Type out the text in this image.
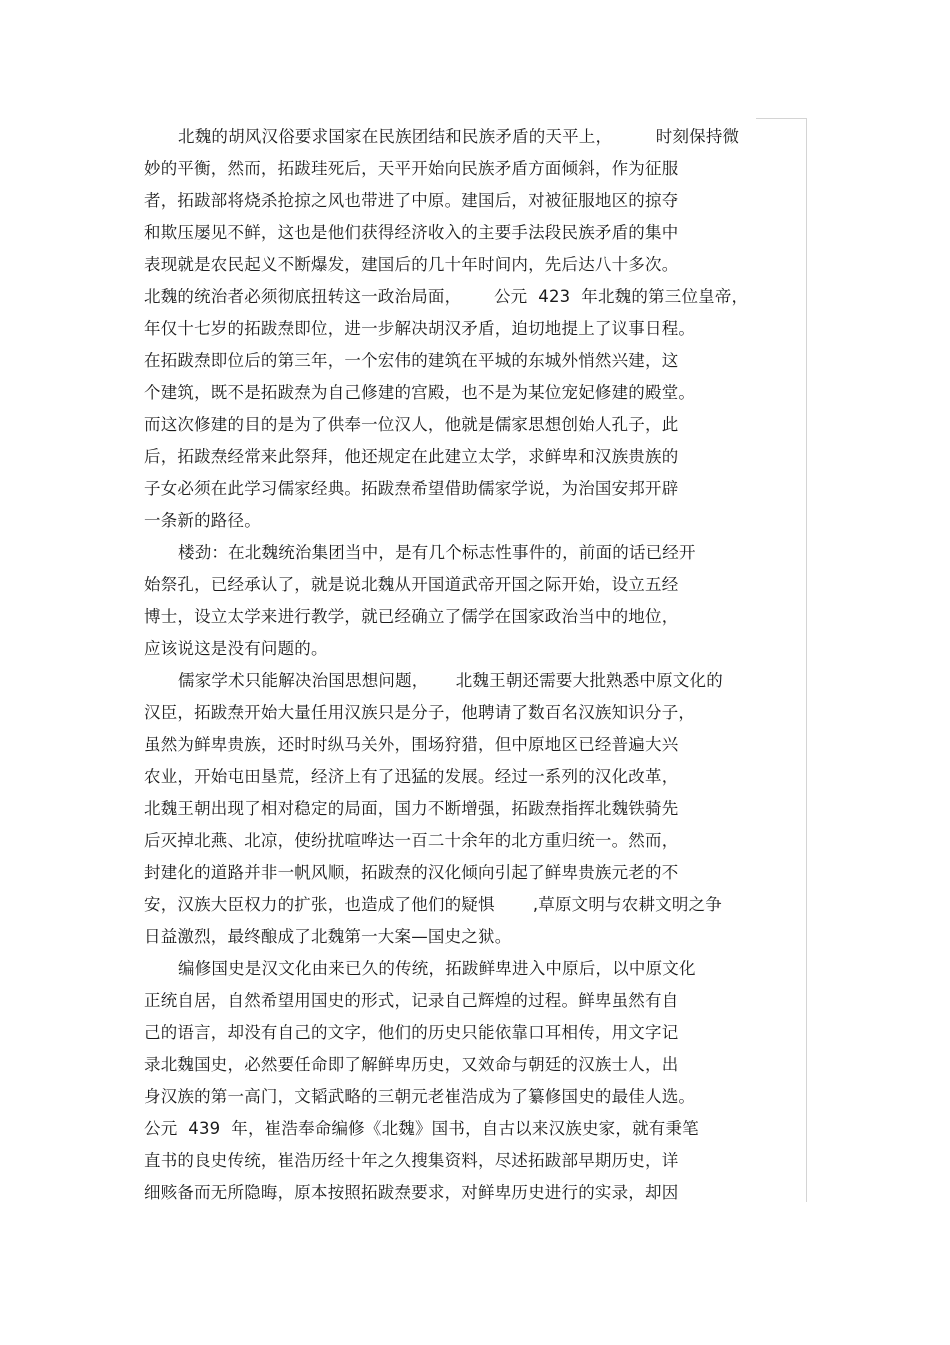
北魏的胡风汉俗要求国家在民族团结和民族矛盾的天平上，        时刻保持微
妙的平衡，然而，拓跋珪死后，天平开始向民族矛盾方面倾斜，作为征服
者，拓跋部将烧杀抢掠之风也带进了中原。建国后，对被征服地区的掠夺
和欺压屡见不鲜，这也是他们获得经济收入的主要手法段民族矛盾的集中
表现就是农民起义不断爆发，建国后的几十年时间内，先后达八十多次。
北魏的统治者必须彻底扭转这一政治局面，      公元  423  年北魏的第三位皇帝，
年仅十七岁的拓跋焘即位，进一步解决胡汉矛盾，迫切地提上了议事日程。
在拓跋焘即位后的第三年，一个宏伟的建筑在平城的东城外悄然兴建，这
个建筑，既不是拓跋焘为自己修建的宫殿，也不是为某位宠妃修建的殿堂。
而这次修建的目的是为了供奉一位汉人，他就是儒家思想创始人孔子，此
后，拓跋焘经常来此祭拜，他还规定在此建立太学，求鲜卑和汉族贵族的
子女必须在此学习儒家经典。拓跋焘希望借助儒家学说，为治国安邦开辟
一条新的路径。
楼劲：在北魏统治集团当中，是有几个标志性事件的，前面的话已经开
始祭孔，已经承认了，就是说北魏从开国道武帝开国之际开始，设立五经
博士，设立太学来进行教学，就已经确立了儒学在国家政治当中的地位，
应该说这是没有问题的。
儒家学术只能解决治国思想问题，     北魏王朝还需要大批熟悉中原文化的
汉臣，拓跋焘开始大量任用汉族只是分子，他聘请了数百名汉族知识分子，
虽然为鲜卑贵族，还时时纵马关外，围场狩猎，但中原地区已经普遍大兴
农业，开始屯田垦荒，经济上有了迅猛的发展。经过一系列的汉化改革，
北魏王朝出现了相对稳定的局面，国力不断增强，拓跋焘指挥北魏铁骑先
后灭掉北燕、北凉，使纷扰喧哗达一百二十余年的北方重归统一。然而，
封建化的道路并非一帆风顺，拓跋焘的汉化倾向引起了鲜卑贵族元老的不
安，汉族大臣权力的扩张，也造成了他们的疑惧       ,草原文明与农耕文明之争
日益激烈，最终酿成了北魏第一大案—国史之狱。
编修国史是汉文化由来已久的传统，拓跋鲜卑进入中原后，以中原文化
正统自居，自然希望用国史的形式，记录自己辉煌的过程。鲜卑虽然有自
己的语言，却没有自己的文字，他们的历史只能依靠口耳相传，用文字记
录北魏国史，必然要任命即了解鲜卑历史，又效命与朝廷的汉族士人，出
身汉族的第一高门，文韬武略的三朝元老崔浩成为了纂修国史的最佳人选。
公元  439  年，崔浩奉命编修《北魏》国书，自古以来汉族史家，就有秉笔
直书的良史传统，崔浩历经十年之久搜集资料，尽述拓跋部早期历史，详
细赅备而无所隐晦，原本按照拓跋焘要求，对鲜卑历史进行的实录，却因
